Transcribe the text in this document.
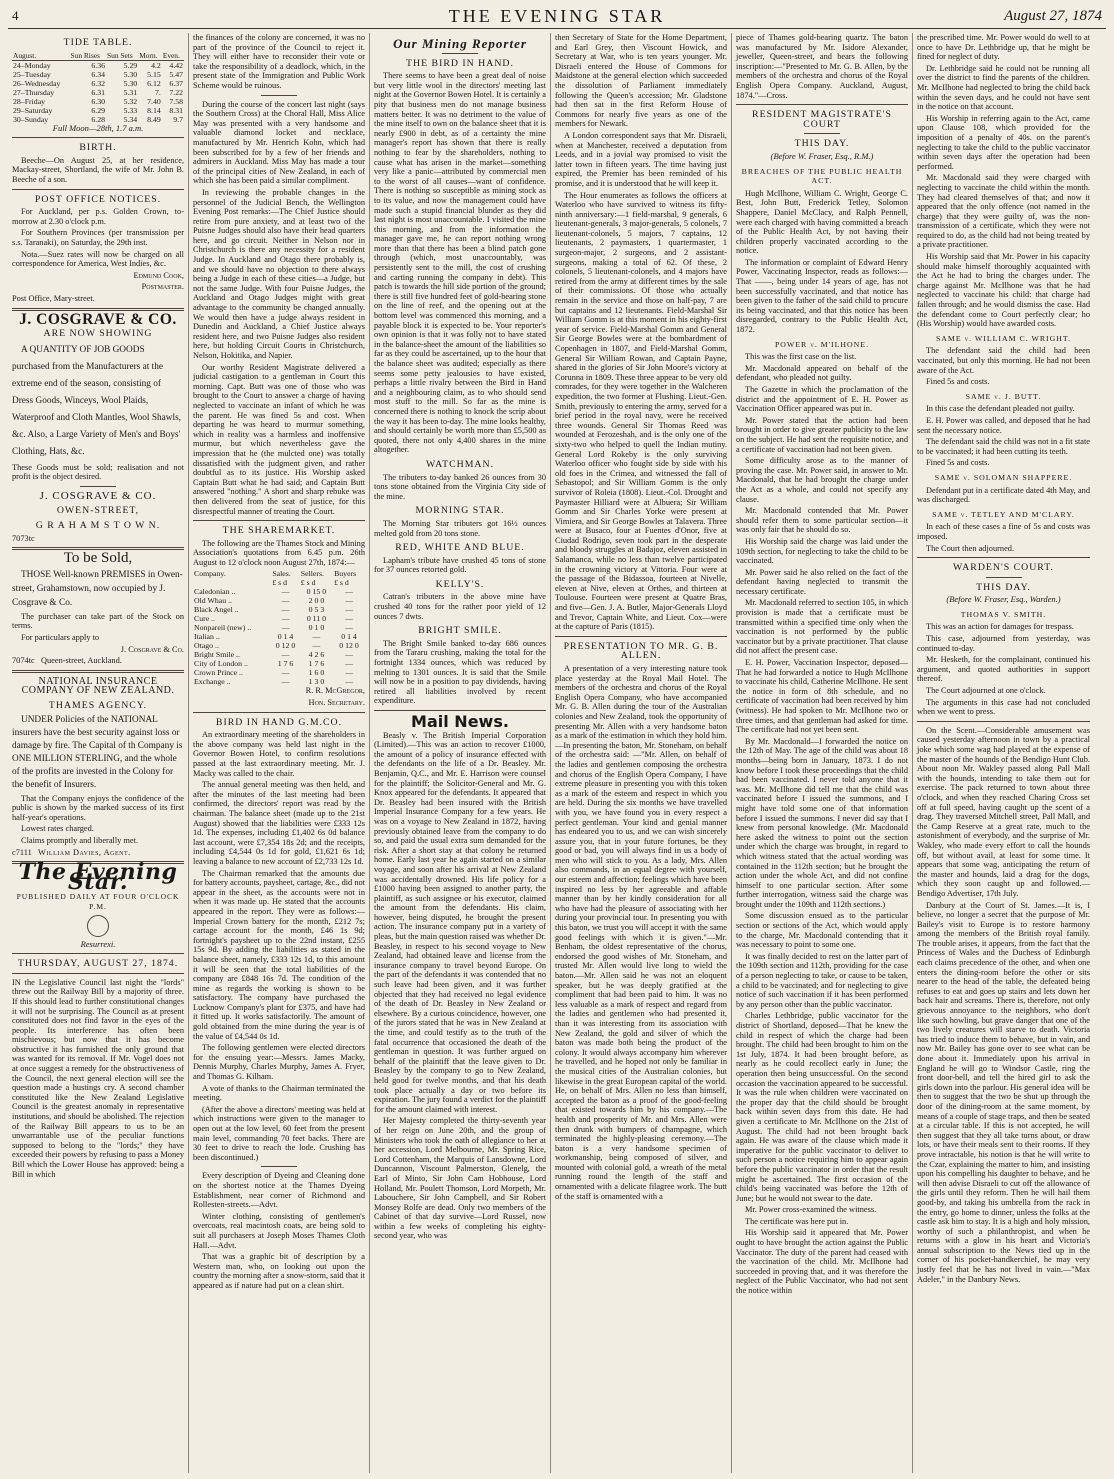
4	THE EVENING STAR	August 27, 1874
TIDE TABLE.
August.	Sun Rises	Sun Sets	Morn.	Even.
24–Monday	6.36	5.29	4.2	4.42
25–Tuesday	6.34	5.30	5.15	5.47
26–Wednesday	6.32	5.30	6.12	6.37
27–Thursday	6.31	5.31	7.	7.22
28–Friday	6.30	5.32	7.40	7.58
29–Saturday	6.29	5.33	8.14	8.31
30–Sunday	6.28	5.34	8.49	9.7
Full Moon—28th, 1.7 a.m.
BIRTH.

Beeche—On August 25, at her residence, Mackay-street, Shortland, the wife of Mr. John B. Beeche of a son.

POST OFFICE NOTICES.

For Auckland, per p.s. Golden Crown, to-morrow at 2.30 o'clock p.m.

For Southern Provinces (per transmission per s.s. Taranaki), on Saturday, the 29th inst.

Nota.—Suez rates will now be charged on all correspondence for America, West Indies, &c.

Edmund Cook,

Postmaster.

Post Office, Mary-street.

J. COSGRAVE & CO.
ARE NOW SHOWING

A QUANTITY OF JOB GOODS purchased from the Manufacturers at the extreme end of the season, consisting of Dress Goods, Winceys, Wool Plaids, Waterproof and Cloth Mantles, Wool Shawls, &c. Also, a Large Variety of Men's and Boys' Clothing, Hats, &c.

These Goods must be sold; realisation and not profit is the object desired.

J. COSGRAVE & CO.
OWEN-STREET,
G R A H A M S T O W N.

7073tc

To be Sold,

THOSE Well-known PREMISES in Owen-street, Grahamstown, now occupied by J. Cosgrave & Co.

The purchaser can take part of the Stock on terms.

For particulars apply to

J. Cosgrave & Co.

7074tc Queen-street, Auckland.

NATIONAL INSURANCE COMPANY OF NEW ZEALAND.
THAMES AGENCY.

UNDER Policies of the NATIONAL insurers have the best security against loss or damage by fire. The Capital of th Company is ONE MILLION STERLING, and the whole of the profits are invested in the Colony for the benefit of Insurers.

That the Company enjoys the confidence of the public is shown by the marked success of its first half-year's operations.

Lowest rates charged.

Claims promptly and liberally met.

c7111 William Davies, Agent.

The Evening Star.
PUBLISHED DAILY AT FOUR O'CLOCK P.M.
Resurrexi.
THURSDAY, AUGUST 27, 1874.

IN the Legislative Council last night the "lords" threw out the Railway Bill by a majority of three. If this should lead to further constitutional changes it will not be surprising. The Council as at present constituted does not find favor in the eyes of the people. Its interference has often been mischievous; but now that it has become obstructive it has furnished the only ground that was wanted for its removal. If Mr. Vogel does not at once suggest a remedy for the obstructiveness of the Council, the next general election will see the question made a hustings cry. A second chamber constituted like the New Zealand Legislative Council is the greatest anomaly in representative institutions, and should be abolished. The rejection of the Railway Bill appears to us to be an unwarrantable use of the peculiar functions supposed to belong to the "lords;" they have exceeded their powers by refusing to pass a Money Bill which the Lower House has approved: being a Bill in which

the finances of the colony are concerned, it was no part of the province of the Council to reject it. They will either have to reconsider their vote or take the responsibility of a deadlock, which, in the present state of the Immigration and Public Work Scheme would be ruinous.

During the course of the concert last night (says the Southern Cross) at the Choral Hall, Miss Alice May was presented with a very handsome and valuable diamond locket and necklace, manufactured by Mr. Henrich Kohn, which had been subscribed for by a few of her friends and admirers in Auckland. Miss May has made a tour of the principal cities of New Zealand, in each of which she has been paid a similar compliment.

In reviewing the probable changes in the personnel of the Judicial Bench, the Wellington Evening Post remarks:—The Chief Justice should retire from pure anxiety, and at least two of the Puisne Judges should also have their head quarters here, and go circuit. Neither in Nelson nor in Christchurch is there any necessity for a resident Judge. In Auckland and Otago there probably is, and we should have no objection to there always being a Judge in each of these cities—a Judge, but not the same Judge. With four Puisne Judges, the Auckland and Otago Judges might with great advantage to the community be changed annually. We would then have a judge always resident in Dunedin and Auckland, a Chief Justice always resident here, and two Puisne Judges also resident here, but holding Circuit Courts in Christchurch, Nelson, Hokitika, and Napier.

Our worthy Resident Magistrate delivered a judicial castigation to a gentleman in Court this morning. Capt. Butt was one of those who was brought to the Court to answer a charge of having neglected to vaccinate an infant of which he was the parent. He was fined 5s and cost. When departing he was heard to murmur something, which in reality was a harmless and inoffensive murmur, but which nevertheless gave the impression that he (the mulcted one) was totally dissatisfied with the judgment given, and rather doubtful as to its justice. His Worship asked Captain Butt what he had said; and Captain Butt answered "nothing." A short and sharp rebuke was then delivered from the seat of justice, for this disrespectful manner of treating the Court.

THE SHAREMARKET.

The following are the Thames Stock and Mining Association's quotations from 6.45 p.m. 26th August to 12 o'clock noon August 27th, 1874:—

Company.	Sales.	Sellers.	Buyers
	£ s d	£ s d	£ s d
Caledonian ..	—	0 15 0	—
Old Whau ..	—	2 0 0	—
Black Angel ..	—	0 5 3	—
Cure ..	—	0 11 0	—
Nonpareil (new) ..	—	0 1 0	—
Italian ..	0 1 4	—	0 1 4
Otago ..	0 12 0	—	0 12 0
Bright Smile ..	—	4 2 6	—
City of London ..	1 7 6	1 7 6	—
Crown Prince ..	—	1 6 0	—
Exchange ..	—	1 3 0	—

R. R. McGregor,

Hon. Secretary.

BIRD IN HAND G.M.CO.

An extraordinary meeting of the shareholders in the above company was held last night in the Governor Bowen Hotel, to confirm resolutions passed at the last extraordinary meeting. Mr. J. Macky was called to the chair.

The annual general meeting was then held, and after the minutes of the last meeting had been confirmed, the directors' report was read by the chairman. The balance sheet (made up to the 21st August) showed that the liabilities were £333 12s 1d. The expenses, including £1,402 6s 0d balance last account, were £7,354 18s 2d; and the receipts, including £4,544 0s 1d for gold, £1,621 6s 1d; leaving a balance to new account of £2,733 12s 1d.

The Chairman remarked that the amounts due for battery accounts, paysheet, cartage, &c., did not appear in the sheet, as the accounts were not in when it was made up. He stated that the accounts appeared in the report. They were as follows:—Imperial Crown battery for the month, £212 7s; cartage account for the month, £46 1s 9d; fortnight's paysheet up to the 22nd instant, £255 15s 9d. By adding the liabilities as stated in the balance sheet, namely, £333 12s 1d, to this amount it will be seen that the total liabilities of the company are £848 16s 7d. The condition of the mine as regards the working is shown to be satisfactory. The company have purchased the Lucknow Company's plant for £375, and have had it fitted up. It works satisfactorily. The amount of gold obtained from the mine during the year is of the value of £4,544 0s 1d.

The following gentlemen were elected directors for the ensuing year:—Messrs. James Macky, Dennis Murphy, Charles Murphy, James A. Fryer, and Thomas G. Kilham.

A vote of thanks to the Chairman terminated the meeting.

(After the above a directors' meeting was held at which instructions were given to the manager to open out at the low level, 60 feet from the present main level, commanding 70 feet backs. There are 30 feet to drive to reach the lode. Crushing has been discontinued.)

Every description of Dyeing and Cleaning done on the shortest notice at the Thames Dyeing Establishment, near corner of Richmond and Rollesten-streets.—Advt.

Winter clothing, consisting of gentlemen's overcoats, real macintosh coats, are being sold to suit all purchasers at Joseph Moses Thames Cloth Hall.—Advt.

That was a graphic bit of description by a Western man, who, on looking out upon the country the morning after a snow-storm, said that it appeared as if nature had put on a clean shirt.

Our Mining Reporter
THE BIRD IN HAND.

There seems to have been a great deal of noise but very little wool in the directors' meeting last night at the Governor Bowen Hotel. It is certainly a pity that business men do not manage business matters better. It was no detriment to the value of the mine itself to own on the balance sheet that it is nearly £900 in debt, as of a certainty the mine manager's report has shown that there is really nothing to fear by the shareholders, nothing to cause what has arisen in the market—something very like a panic—attributed by commercial men to the worst of all causes—want of confidence. There is nothing so susceptible as mining stock as to its value, and now the management could have made such a stupid financial blunder as they did last night is most unaccountable. I visited the mine this morning, and from the information the manager gave me, he can report nothing wrong more than that there has been a blind patch gone through (which, most unaccountably, was persistently sent to the mill, the cost of crushing and carting running the company in debt). This patch is towards the hill side portion of the ground; there is still five hundred feet of gold-bearing stone on the line of reef, and the opening out at the bottom level was commenced this morning, and a payable block it is expected to be. Your reporter's own opinion is that it was folly not to have stated in the balance-sheet the amount of the liabilities so far as they could be ascertained, up to the hour that the balance sheet was audited; especially as there seems some petty jealousies to have existed, perhaps a little rivalry between the Bird in Hand and a neighbouring claim, as to who should send most stuff to the mill. So far as the mine is concerned there is nothing to knock the scrip about the way it has been to-day. The mine looks healthy, and should certainly be worth more than £5,500 as quoted, there not only 4,400 shares in the mine altogether.

WATCHMAN.

The tributers to-day banked 26 ounces from 30 tons stone obtained from the Virginia City side of the mine.

MORNING STAR.

The Morning Star tributers got 16½ ounces melted gold from 20 tons stone.

RED, WHITE AND BLUE.

Lapham's tribute have crushed 45 tons of stone for 37 ounces retorted gold.

KELLY'S.

Catran's tributers in the above mine have crushed 40 tons for the rather poor yield of 12 ounces 7 dwts.

BRIGHT SMILE.

The Bright Smile banked to-day 686 ounces from the Tararu crushing, making the total for the fortnight 1334 ounces, which was reduced by melting to 1301 ounces. It is said that the Smile will now be in a position to pay dividends, having retired all liabilities involved by recent expenditure.

Mail News.

Beasly v. The British Imperial Corporation (Limited).—This was an action to recover £1000, the amount of a policy of insurance effected with the defendants on the life of a Dr. Beasley. Mr. Benjamin, Q.C., and Mr. E. Harrison were counsel for the plaintiff; the Solicitor-General and Mr. G. Knox appeared for the defendants. It appeared that Dr. Beasley had been insured with the British Imperial Insurance Company for a few years. He was on a voyage to New Zealand in 1872, having previously obtained leave from the company to do so, and paid the usual extra sum demanded for the risk. After a short stay at that colony he returned home. Early last year he again started on a similar voyage, and soon after his arrival at New Zealand was accidentally drowned. His life policy for a £1000 having been assigned to another party, the plaintiff, as such assignee or his executor, claimed the amount from the defendants. His claim, however, being disputed, he brought the present action. The insurance company put in a variety of pleas, but the main question raised was whether Dr. Beasley, in respect to his second voyage to New Zealand, had obtained leave and license from the insurance company to travel beyond Europe. On the part of the defendants it was contended that no such leave had been given, and it was further objected that they had received no legal evidence of the death of Dr. Beasley in New Zealand or elsewhere. By a curious coincidence, however, one of the jurors stated that he was in New Zealand at the time, and could testify as to the truth of the fatal occurrence that occasioned the death of the gentleman in question. It was further argued on behalf of the plaintiff that the leave given to Dr. Beasley by the company to go to New Zealand, held good for twelve months, and that his death took place actually a day or two before its expiration. The jury found a verdict for the plaintiff for the amount claimed with interest.

Her Majesty completed the thirty-seventh year of her reign on June 20th, and the group of Ministers who took the oath of allegiance to her at her accession, Lord Melbourne, Mr. Spring Rice, Lord Cottenham, the Marquis of Lansdowne, Lord Duncannon, Viscount Palmerston, Glenelg, the Earl of Minto, Sir John Cam Hobhouse, Lord Holland, Mr. Poulett Thomson, Lord Morpeth, Mr. Labouchere, Sir John Campbell, and Sir Robert Monsey Rolfe are dead. Only two members of the Cabinet of that day survive—Lord Russel, now within a few weeks of completing his eighty-second year, who was

then Secretary of State for the Home Department, and Earl Grey, then Viscount Howick, and Secretary at War, who is ten years younger. Mr. Disraeli entered the House of Commons for Maidstone at the general election which succeeded the dissolution of Parliament immediately following the Queen's accession; Mr. Gladstone had then sat in the first Reform House of Commons for nearly five years as one of the members for Newark.

A London correspondent says that Mr. Disraeli, when at Manchester, received a deputation from Leeds, and in a jovial way promised to visit the latter town in fifteen years. The time having just expired, the Premier has been reminded of his promise, and it is understood that he will keep it.

The Hour enumerates as follows the officers at Waterloo who have survived to witness its fifty-ninth anniversary:—1 field-marshal, 9 generals, 6 lieutenant-generals, 3 major-generals, 5 colonels, 7 lieutenant-colonels, 5 majors, 7 captains, 12 lieutenants, 2 paymasters, 1 quartermaster, 1 surgeon-major, 2 surgeons, and 2 assistant-surgeons, making a total of 62. Of these, 2 colonels, 5 lieutenant-colonels, and 4 majors have retired from the army at different times by the sale of their commissions. Of those who actually remain in the service and those on half-pay, 7 are but captains and 12 lieutenants. Field-Marshal Sir William Gomm is at this moment in his eighty-first year of service. Field-Marshal Gomm and General Sir George Bowles were at the bombardment of Copenhagen in 1807, and Field-Marshal Gomm, General Sir William Rowan, and Captain Payne, shared in the glories of Sir John Moore's victory at Corunna in 1809. These three appear to be very old comrades, for they were together in the Walcheren expedition, the two former at Flushing. Lieut.-Gen. Smith, previously to entering the army, served for a brief period in the royal navy, were he received three wounds. General Sir Thomas Reed was wounded at Ferozeshah, and is the only one of the sixty-two who helped to quell the Indian mutiny. General Lord Rokeby is the only surviving Waterloo officer who fought side by side with his old foes in the Crimea, and witnessed the fall of Sebastopol; and Sir William Gomm is the only survivor of Roleia (1808). Lieut.-Col. Drought and Paymaster Hilliard were at Albuera; Sir William Gomm and Sir Charles Yorke were present at Vimiera, and Sir George Bowles at Talavera. Three were at Busaco, four at Fuentes d'Onor, five at Ciudad Rodrigo, seven took part in the desperate and bloody struggles at Badajoz, eleven assisted in Salamanca, while no less than twelve participated in the crowning victory at Vittoria. Four were at the passage of the Bidassoa, fourteen at Nivelle, eleven at Nive, eleven at Orthes, and thirteen at Toulouse. Fourteen were present at Quatre Bras, and five—Gen. J. A. Butler, Major-Generals Lloyd and Trevor, Captain White, and Lieut. Cox—were at the capture of Paris (1815).

PRESENTATION TO MR. G. B. ALLEN.

A presentation of a very interesting nature took place yesterday at the Royal Mail Hotel. The members of the orchestra and chorus of the Royal English Opera Company, who have accompanied Mr. G. B. Allen during the tour of the Australian colonies and New Zealand, took the opportunity of presenting Mr. Allen with a very handsome baton as a mark of the estimation in which they hold him.—In presenting the baton, Mr. Stoneham, on behalf of the orchestra said: —"Mr. Allen, on behalf of the ladies and gentlemen composing the orchestra and chorus of the English Opera Company, I have extreme pleasure in presenting you with this token as a mark of the esteem and respect in which you are held. During the six months we have travelled with you, we have found you in every respect a perfect gentleman. Your kind and genial manner has endeared you to us, and we can wish sincerely assure you, that in your future fortunes, be they good or bad, you will always find in us a body of men who will stick to you. As a lady, Mrs. Allen also commands, in an equal degree with yourself, our esteem and affection; feelings which have been inspired no less by her agreeable and affable manner than by her kindly consideration for all who have had the pleasure of associating with her during your provincial tour. In presenting you with this baton, we trust you will accept it with the same good feelings with which it is given."—Mr. Benham, the oldest representative of the chorus, endorsed the good wishes of Mr. Stoneham, and trusted Mr. Allen would live long to wield the baton.—Mr. Allen said he was not an eloquent speaker, but he was deeply gratified at the compliment that had been paid to him. It was no less valuable as a mark of respect and regard from the ladies and gentlemen who had presented it, than it was interesting from its association with New Zealand, the gold and silver of which the baton was made both being the product of the colony. It would always accompany him wherever he travelled, and he hoped not only be familiar in the musical cities of the Australian colonies, but likewise in the great European capital of the world. He, on behalf of Mrs. Allen no less than himself, accepted the baton as a proof of the good-feeling that existed towards him by his company.—The health and prosperity of Mr. and Mrs. Allen were then drunk with bumpers of champagne, which terminated the highly-pleasing ceremony.—The baton is a very handsome specimen of workmanship, being composed of silver, and mounted with colonial gold, a wreath of the metal running round the length of the staff and ornamented with a delicate filagree work. The butt of the staff is ornamented with a

piece of Thames gold-bearing quartz. The baton was manufactured by Mr. Isidore Alexander, jeweller, Queen-street, and bears the following inscription:—"Presented to Mr. G. B. Allen, by the members of the orchestra and chorus of the Royal English Opera Company. Auckland, August, 1874."—Cross.

RESIDENT MAGISTRATE'S COURT
THIS DAY.
(Before W. Fraser, Esq., R.M.)
BREACHES OF THE PUBLIC HEALTH ACT.

Hugh McIlhone, William C. Wright, George C. Best, John Butt, Frederick Tetley, Solomon Shappere, Daniel McClacy, and Ralph Pennell, were each charged with having committed a breach of the Public Health Act, by not having their children properly vaccinated according to the notice.

The information or complaint of Edward Henry Power, Vaccinating Inspector, reads as follows:—That ——, being under 14 years of age, has not been successfully vaccinated, and that notice has been given to the father of the said child to procure its being vaccinated, and that this notice has been disregarded, contrary to the Public Health Act, 1872.

POWER v. M'ILHONE.

This was the first case on the list.

Mr. Macdonald appeared on behalf of the defendant, who pleaded not guilty.

The Gazette in which the proclamation of the district and the appointment of E. H. Power as Vaccination Officer appeared was put in.

Mr. Power stated that the action had been brought in order to give greater publicity to the law on the subject. He had sent the requisite notice, and a certificate of vaccination had not been given.

Some difficulty arose as to the manner of proving the case. Mr. Power said, in answer to Mr. Macdonald, that he had brought the charge under the Act as a whole, and could not specify any clause.

Mr. Macdonald contended that Mr. Power should refer them to some particular section—it was only fair that he should do so.

His Worship said the charge was laid under the 109th section, for neglecting to take the child to be vaccinated.

Mr. Power said he also relied on the fact of the defendant having neglected to transmit the necessary certificate.

Mr. Macdonald referred to section 105, in which provision is made that a certificate must be transmitted within a specified time only when the vaccination is not performed by the public vaccinator but by a private practitioner. That clause did not affect the present case.

E. H. Power, Vaccination Inspector, deposed—That he had forwarded a notice to Hugh McIlhone to vaccinate his child, Catherine McIlhone. He sent the notice in form of 8th schedule, and no certificate of vaccination had been received by him (witness). He had spoken to Mr. McIlhone two or three times, and that gentleman had asked for time. The certificate had not yet been sent.

By Mr. Macdonald—I forwarded the notice on the 12th of May. The age of the child was about 18 months—being born in January, 1873. I do not know before I took these proceedings that the child had been vaccinated. I never told anyone that it was. Mr. McIlhone did tell me that the child was vaccinated before I issued the summons, and I might have told some one of that information before I issued the summons. I never did say that I knew from personal knowledge. (Mr. Macdonald here asked the witness to point out the section under which the charge was brought, in regard to which witness stated that the actual wording was contained in the 112th section; but he brought the action under the whole Act, and did not confine himself to one particular section. After some further interrogation, witness said the charge was brought under the 109th and 112th sections.)

Some discussion ensued as to the particular section or sections of the Act, which would apply to the charge, Mr. Macdonald contending that it was necessary to point to some one.

It was finally decided to rest on the latter part of the 109th section and 112th, providing for the case of a person neglecting to take, or cause to be taken, a child to be vaccinated; and for neglecting to give notice of such vaccination if it has been performed by any person other than the public vaccinator.

Charles Lethbridge, public vaccinator for the district of Shortland, deposed—That he knew the child in respect of which the charge had been brought. The child had been brought to him on the 1st July, 1874. It had been brought before, as nearly as he could recollect early in June; the operation then being unsuccessful. On the second occasion the vaccination appeared to be successful. It was the rule when children were vaccinated on the proper day that the child should be brought back within seven days from this date. He had given a certificate to Mr. McIlhone on the 21st of August. The child had not been brought back again. He was aware of the clause which made it imperative for the public vaccinator to deliver to such person a notice requiring him to appear again before the public vaccinator in order that the result might be ascertained. The first occasion of the child's being vaccinated was before the 12th of June; but he would not swear to the date.

Mr. Power cross-examined the witness.

The certificate was here put in.

His Worship said it appeared that Mr. Power ought to have brought the action against the Public Vaccinator. The duty of the parent had ceased with the vaccination of the child. Mr. McIlhone had succeeded in proving that, and it was therefore the neglect of the Public Vaccinator, who had not sent the notice within

the prescribed time. Mr. Power would do well to at once to have Dr. Lethbridge up, that he might be fined for neglect of duty.

Dr. Lethbridge said he could not be running all over the district to find the parents of the children. Mr. McIlhone had neglected to bring the child back within the seven days, and he could not have sent in the notice on that account.

His Worship in referring again to the Act, came upon Clause 108, which provided for the imposition of a penalty of 40s. on the parent's neglecting to take the child to the public vaccinator within seven days after the operation had been performed.

Mr. Macdonald said they were charged with neglecting to vaccinate the child within the month. They had cleared themselves of that; and now it appeared that the only offence (not named in the charge) that they were guilty of, was the non-transmission of a certificate, which they were not required to do, as the child had not being treated by a private practitioner.

His Worship said that Mr. Power in his capacity should make himself thoroughly acquainted with the Act he had to bring the charges under. The charge against Mr. McIlhone was that he had neglected to vaccinate his child: that charge had fallen through; and he would dismiss the case. Had the defendant come to Court perfectly clear; ho (His Worship) would have awarded costs.

SAME v. WILLIAM C. WRIGHT.

The defendant said the child had been vaccinated, but only this morning. He had not been aware of the Act.

Fined 5s and costs.

SAME v. J. BUTT.

In this case the defendant pleaded not guilty.

E. H. Power was called, and deposed that he had sent the necessary notice.

The defendant said the child was not in a fit state to be vaccinated; it had been cutting its teeth.

Fined 5s and costs.

SAME v. SOLOMAN SHAPPERE.

Defendant put in a certificate dated 4th May, and was discharged.

SAME v. TETLEY AND M'CLARY.

In each of these cases a fine of 5s and costs was imposed.

The Court then adjourned.

WARDEN'S COURT.
THIS DAY.
(Before W. Fraser, Esq., Warden.)
THOMAS V. SMITH.

This was an action for damages for trespass.

This case, adjourned from yesterday, was continued to-day.

Mr. Hesketh, for the complainant, continued his argument, and quoted authorities in support thereof.

The Court adjourned at one o'clock.

The arguments in this case had not concluded when we went to press.

On the Scent.—Considerable amusement was caused yesterday afternoon in town by a practical joke which some wag had played at the expense of the master of the hounds of the Bendigo Hunt Club. About noon Mr. Wakley passed along Pall Mall with the hounds, intending to take them out for exercise. The pack returned to town about three o'clock, and when they reached Charing Cross set off at full speed, having caught up the scent of a drag. They traversed Mitchell street, Pall Mall, and the Camp Reserve at a great rate, much to the astonishment of everybody, and the surprise of Mr. Wakley, who made every effort to call the hounds off, but without avail, at least for some time. It appears that some wag, anticipating the return of the master and hounds, laid a drag for the dogs, which they soon caught up and followed.—Bendigo Advertiser, 17th July.

Danbury at the Court of St. James.—It is, I believe, no longer a secret that the purpose of Mr. Bailey's visit to Europe is to restore harmony among the members of the British royal family. The trouble arises, it appears, from the fact that the Princess of Wales and the Duchess of Edinburgh each claims precedence of the other, and when one enters the dining-room before the other or sits nearer to the head of the table, the defeated being refuses to eat and goes up stairs and lets down her back hair and screams. There is, therefore, not only grievous annoyance to the neighbors, who don't like such howling, but grave danger that one of the two lively creatures will starve to death. Victoria has tried to induce them to behave, but in vain, and now Mr. Bailey has gone over to see what can be done about it. Immediately upon his arrival in England he will go to Windsor Castle, ring the front door-bell, and tell the hired girl to ask the girls down into the parlour. His general idea will be then to suggest that the two be shut up through the door of the dining-room at the same moment, by means of a couple of stage traps, and then be seated at a circular table. If this is not accepted, he will then suggest that they all take turns about, or draw lots, or have their meals sent to their rooms. If they prove intractable, his notion is that he will write to the Czar, explaining the matter to him, and insisting upon his compelling his daughter to behave, and he will then advise Disraeli to cut off the allowance of the girls until they reform. Then he will hail them good-by, and taking his umbrella from the rack in the entry, go home to dinner, unless the folks at the castle ask him to stay. It is a high and holy mission, worthy of such a philanthropist, and when he returns with a glow in his heart and Victoria's annual subscription to the News tied up in the corner of his pocket-handkerchief, he may very justly feel that he has not lived in vain.—"Max Adeler," in the Danbury News.
